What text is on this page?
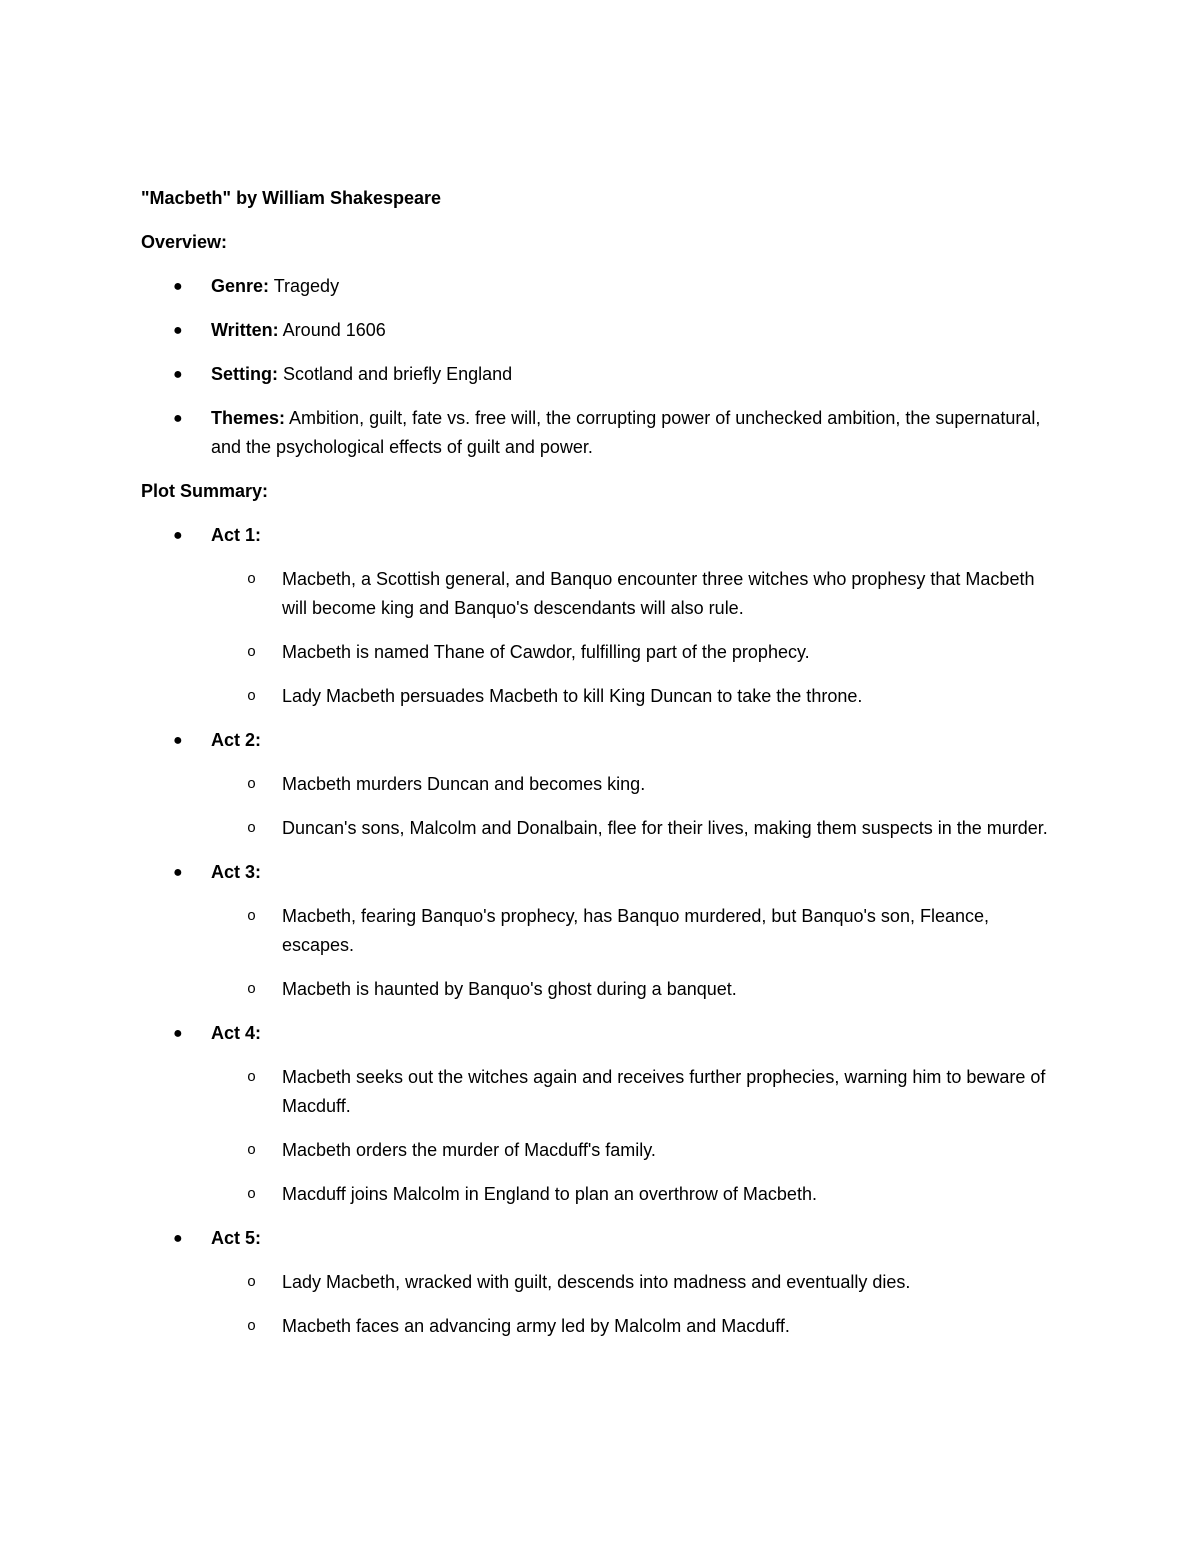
"Macbeth" by William Shakespeare
Overview:
● Genre: Tragedy
● Written: Around 1606
● Setting: Scotland and briefly England
● Themes: Ambition, guilt, fate vs. free will, the corrupting power of unchecked ambition, the supernatural, and the psychological effects of guilt and power.
Plot Summary:
● Act 1:
o Macbeth, a Scottish general, and Banquo encounter three witches who prophesy that Macbeth will become king and Banquo's descendants will also rule.
o Macbeth is named Thane of Cawdor, fulfilling part of the prophecy.
o Lady Macbeth persuades Macbeth to kill King Duncan to take the throne.
● Act 2:
o Macbeth murders Duncan and becomes king.
o Duncan's sons, Malcolm and Donalbain, flee for their lives, making them suspects in the murder.
● Act 3:
o Macbeth, fearing Banquo's prophecy, has Banquo murdered, but Banquo's son, Fleance, escapes.
o Macbeth is haunted by Banquo's ghost during a banquet.
● Act 4:
o Macbeth seeks out the witches again and receives further prophecies, warning him to beware of Macduff.
o Macbeth orders the murder of Macduff's family.
o Macduff joins Malcolm in England to plan an overthrow of Macbeth.
● Act 5:
o Lady Macbeth, wracked with guilt, descends into madness and eventually dies.
o Macbeth faces an advancing army led by Malcolm and Macduff.
